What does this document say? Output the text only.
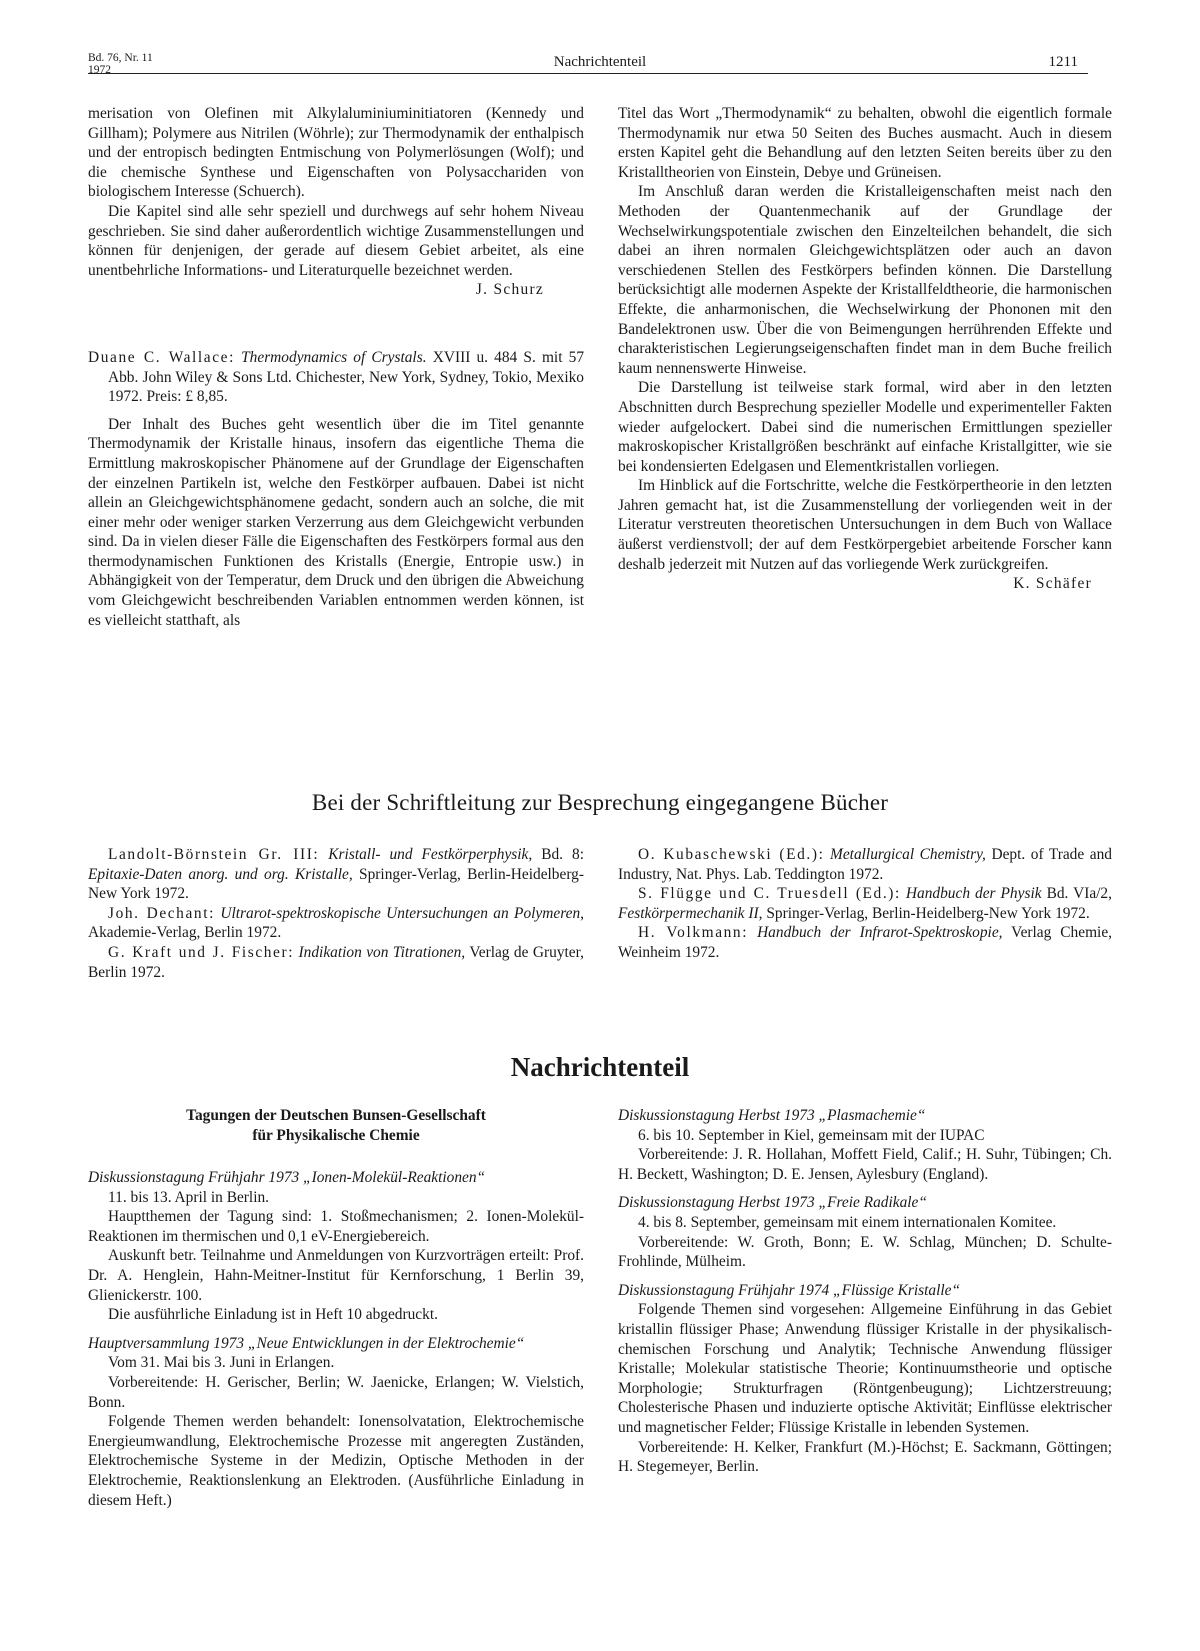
Bd. 76, Nr. 11
1972	Nachrichtenteil	1211

merisation von Olefinen mit Alkylaluminiuminitiatoren (Kennedy und Gillham); Polymere aus Nitrilen (Wöhrle); zur Thermodynamik der enthalpisch und der entropisch bedingten Entmischung von Polymerlösungen (Wolf); und die chemische Synthese und Eigenschaften von Polysacchariden von biologischem Interesse (Schuerch).

Die Kapitel sind alle sehr speziell und durchwegs auf sehr hohem Niveau geschrieben. Sie sind daher außerordentlich wichtige Zusammenstellungen und können für denjenigen, der gerade auf diesem Gebiet arbeitet, als eine unentbehrliche Informations- und Literaturquelle bezeichnet werden.

J. Schurz

Duane C. Wallace: Thermodynamics of Crystals. XVIII u. 484 S. mit 57 Abb. John Wiley & Sons Ltd. Chichester, New York, Sydney, Tokio, Mexiko 1972. Preis: £ 8,85.

Der Inhalt des Buches geht wesentlich über die im Titel genannte Thermodynamik der Kristalle hinaus, insofern das eigentliche Thema die Ermittlung makroskopischer Phänomene auf der Grundlage der Eigenschaften der einzelnen Partikeln ist, welche den Festkörper aufbauen. Dabei ist nicht allein an Gleichgewichtsphänomene gedacht, sondern auch an solche, die mit einer mehr oder weniger starken Verzerrung aus dem Gleichgewicht verbunden sind. Da in vielen dieser Fälle die Eigenschaften des Festkörpers formal aus den thermodynamischen Funktionen des Kristalls (Energie, Entropie usw.) in Abhängigkeit von der Temperatur, dem Druck und den übrigen die Abweichung vom Gleichgewicht beschreibenden Variablen entnommen werden können, ist es vielleicht statthaft, als

Titel das Wort „Thermodynamik“ zu behalten, obwohl die eigentlich formale Thermodynamik nur etwa 50 Seiten des Buches ausmacht. Auch in diesem ersten Kapitel geht die Behandlung auf den letzten Seiten bereits über zu den Kristalltheorien von Einstein, Debye und Grüneisen.

Im Anschluß daran werden die Kristalleigenschaften meist nach den Methoden der Quantenmechanik auf der Grundlage der Wechselwirkungspotentiale zwischen den Einzelteilchen behandelt, die sich dabei an ihren normalen Gleichgewichtsplätzen oder auch an davon verschiedenen Stellen des Festkörpers befinden können. Die Darstellung berücksichtigt alle modernen Aspekte der Kristallfeldtheorie, die harmonischen Effekte, die anharmonischen, die Wechselwirkung der Phononen mit den Bandelektronen usw. Über die von Beimengungen herrührenden Effekte und charakteristischen Legierungseigenschaften findet man in dem Buche freilich kaum nennenswerte Hinweise.

Die Darstellung ist teilweise stark formal, wird aber in den letzten Abschnitten durch Besprechung spezieller Modelle und experimenteller Fakten wieder aufgelockert. Dabei sind die numerischen Ermittlungen spezieller makroskopischer Kristallgrößen beschränkt auf einfache Kristallgitter, wie sie bei kondensierten Edelgasen und Elementkristallen vorliegen.

Im Hinblick auf die Fortschritte, welche die Festkörpertheorie in den letzten Jahren gemacht hat, ist die Zusammenstellung der vorliegenden weit in der Literatur verstreuten theoretischen Untersuchungen in dem Buch von Wallace äußerst verdienstvoll; der auf dem Festkörpergebiet arbeitende Forscher kann deshalb jederzeit mit Nutzen auf das vorliegende Werk zurückgreifen.

K. Schäfer

Bei der Schriftleitung zur Besprechung eingegangene Bücher

Landolt-Börnstein Gr. III: Kristall- und Festkörperphysik, Bd. 8: Epitaxie-Daten anorg. und org. Kristalle, Springer-Verlag, Berlin-Heidelberg-New York 1972.

Joh. Dechant: Ultrarot-spektroskopische Untersuchungen an Polymeren, Akademie-Verlag, Berlin 1972.

G. Kraft und J. Fischer: Indikation von Titrationen, Verlag de Gruyter, Berlin 1972.

O. Kubaschewski (Ed.): Metallurgical Chemistry, Dept. of Trade and Industry, Nat. Phys. Lab. Teddington 1972.

S. Flügge und C. Truesdell (Ed.): Handbuch der Physik Bd. VIa/2, Festkörpermechanik II, Springer-Verlag, Berlin-Heidelberg-New York 1972.

H. Volkmann: Handbuch der Infrarot-Spektroskopie, Verlag Chemie, Weinheim 1972.

Nachrichtenteil
Tagungen der Deutschen Bunsen-Gesellschaft
für Physikalische Chemie

Diskussionstagung Frühjahr 1973 „Ionen-Molekül-Reaktionen“

11. bis 13. April in Berlin.

Hauptthemen der Tagung sind: 1. Stoßmechanismen; 2. Ionen-Molekül-Reaktionen im thermischen und 0,1 eV-Energiebereich.

Auskunft betr. Teilnahme und Anmeldungen von Kurzvorträgen erteilt: Prof. Dr. A. Henglein, Hahn-Meitner-Institut für Kernforschung, 1 Berlin 39, Glienickerstr. 100.

Die ausführliche Einladung ist in Heft 10 abgedruckt.

Hauptversammlung 1973 „Neue Entwicklungen in der Elektrochemie“

Vom 31. Mai bis 3. Juni in Erlangen.

Vorbereitende: H. Gerischer, Berlin; W. Jaenicke, Erlangen; W. Vielstich, Bonn.

Folgende Themen werden behandelt: Ionensolvatation, Elektrochemische Energieumwandlung, Elektrochemische Prozesse mit angeregten Zuständen, Elektrochemische Systeme in der Medizin, Optische Methoden in der Elektrochemie, Reaktionslenkung an Elektroden. (Ausführliche Einladung in diesem Heft.)

Diskussionstagung Herbst 1973 „Plasmachemie“

6. bis 10. September in Kiel, gemeinsam mit der IUPAC

Vorbereitende: J. R. Hollahan, Moffett Field, Calif.; H. Suhr, Tübingen; Ch. H. Beckett, Washington; D. E. Jensen, Aylesbury (England).

Diskussionstagung Herbst 1973 „Freie Radikale“

4. bis 8. September, gemeinsam mit einem internationalen Komitee.

Vorbereitende: W. Groth, Bonn; E. W. Schlag, München; D. Schulte-Frohlinde, Mülheim.

Diskussionstagung Frühjahr 1974 „Flüssige Kristalle“

Folgende Themen sind vorgesehen: Allgemeine Einführung in das Gebiet kristallin flüssiger Phase; Anwendung flüssiger Kristalle in der physikalisch-chemischen Forschung und Analytik; Technische Anwendung flüssiger Kristalle; Molekular statistische Theorie; Kontinuumstheorie und optische Morphologie; Strukturfragen (Röntgenbeugung); Lichtzerstreuung; Cholesterische Phasen und induzierte optische Aktivität; Einflüsse elektrischer und magnetischer Felder; Flüssige Kristalle in lebenden Systemen.

Vorbereitende: H. Kelker, Frankfurt (M.)-Höchst; E. Sackmann, Göttingen; H. Stegemeyer, Berlin.
